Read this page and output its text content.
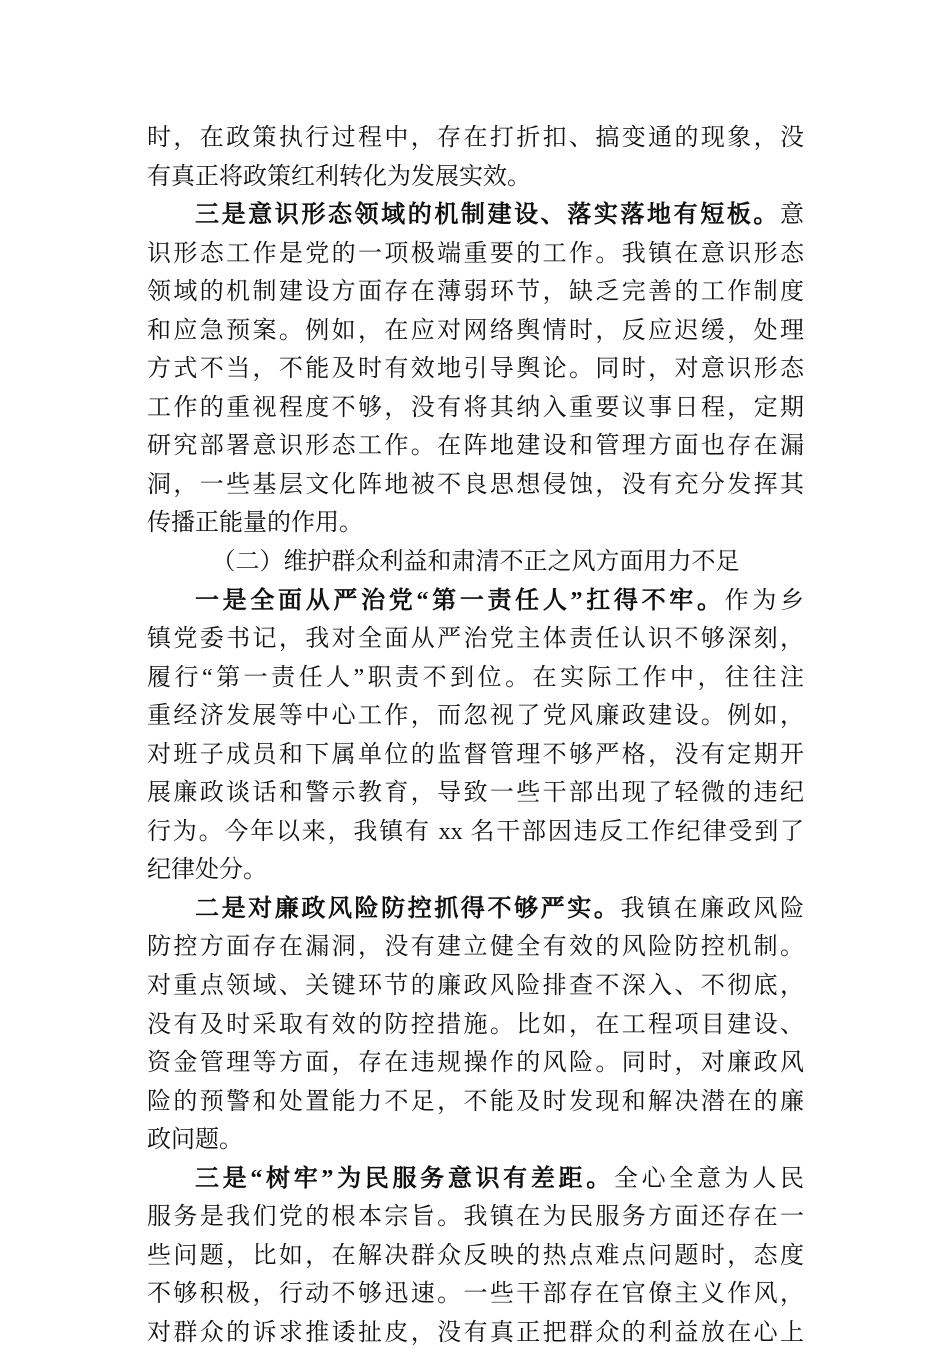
时，在政策执行过程中，存在打折扣、搞变通的现象，没
有真正将政策红利转化为发展实效。
三是意识形态领域的机制建设、落实落地有短板。意
识形态工作是党的一项极端重要的工作。我镇在意识形态
领域的机制建设方面存在薄弱环节，缺乏完善的工作制度
和应急预案。例如，在应对网络舆情时，反应迟缓，处理
方式不当，不能及时有效地引导舆论。同时，对意识形态
工作的重视程度不够，没有将其纳入重要议事日程，定期
研究部署意识形态工作。在阵地建设和管理方面也存在漏
洞，一些基层文化阵地被不良思想侵蚀，没有充分发挥其
传播正能量的作用。
（二）维护群众利益和肃清不正之风方面用力不足
一是全面从严治党“第一责任人”扛得不牢。作为乡
镇党委书记，我对全面从严治党主体责任认识不够深刻，
履行“第一责任人”职责不到位。在实际工作中，往往注
重经济发展等中心工作，而忽视了党风廉政建设。例如，
对班子成员和下属单位的监督管理不够严格，没有定期开
展廉政谈话和警示教育，导致一些干部出现了轻微的违纪
行为。今年以来，我镇有 xx 名干部因违反工作纪律受到了
纪律处分。
二是对廉政风险防控抓得不够严实。我镇在廉政风险
防控方面存在漏洞，没有建立健全有效的风险防控机制。
对重点领域、关键环节的廉政风险排查不深入、不彻底，
没有及时采取有效的防控措施。比如，在工程项目建设、
资金管理等方面，存在违规操作的风险。同时，对廉政风
险的预警和处置能力不足，不能及时发现和解决潜在的廉
政问题。
三是“树牢”为民服务意识有差距。全心全意为人民
服务是我们党的根本宗旨。我镇在为民服务方面还存在一
些问题，比如，在解决群众反映的热点难点问题时，态度
不够积极，行动不够迅速。一些干部存在官僚主义作风，
对群众的诉求推诿扯皮，没有真正把群众的利益放在心上
